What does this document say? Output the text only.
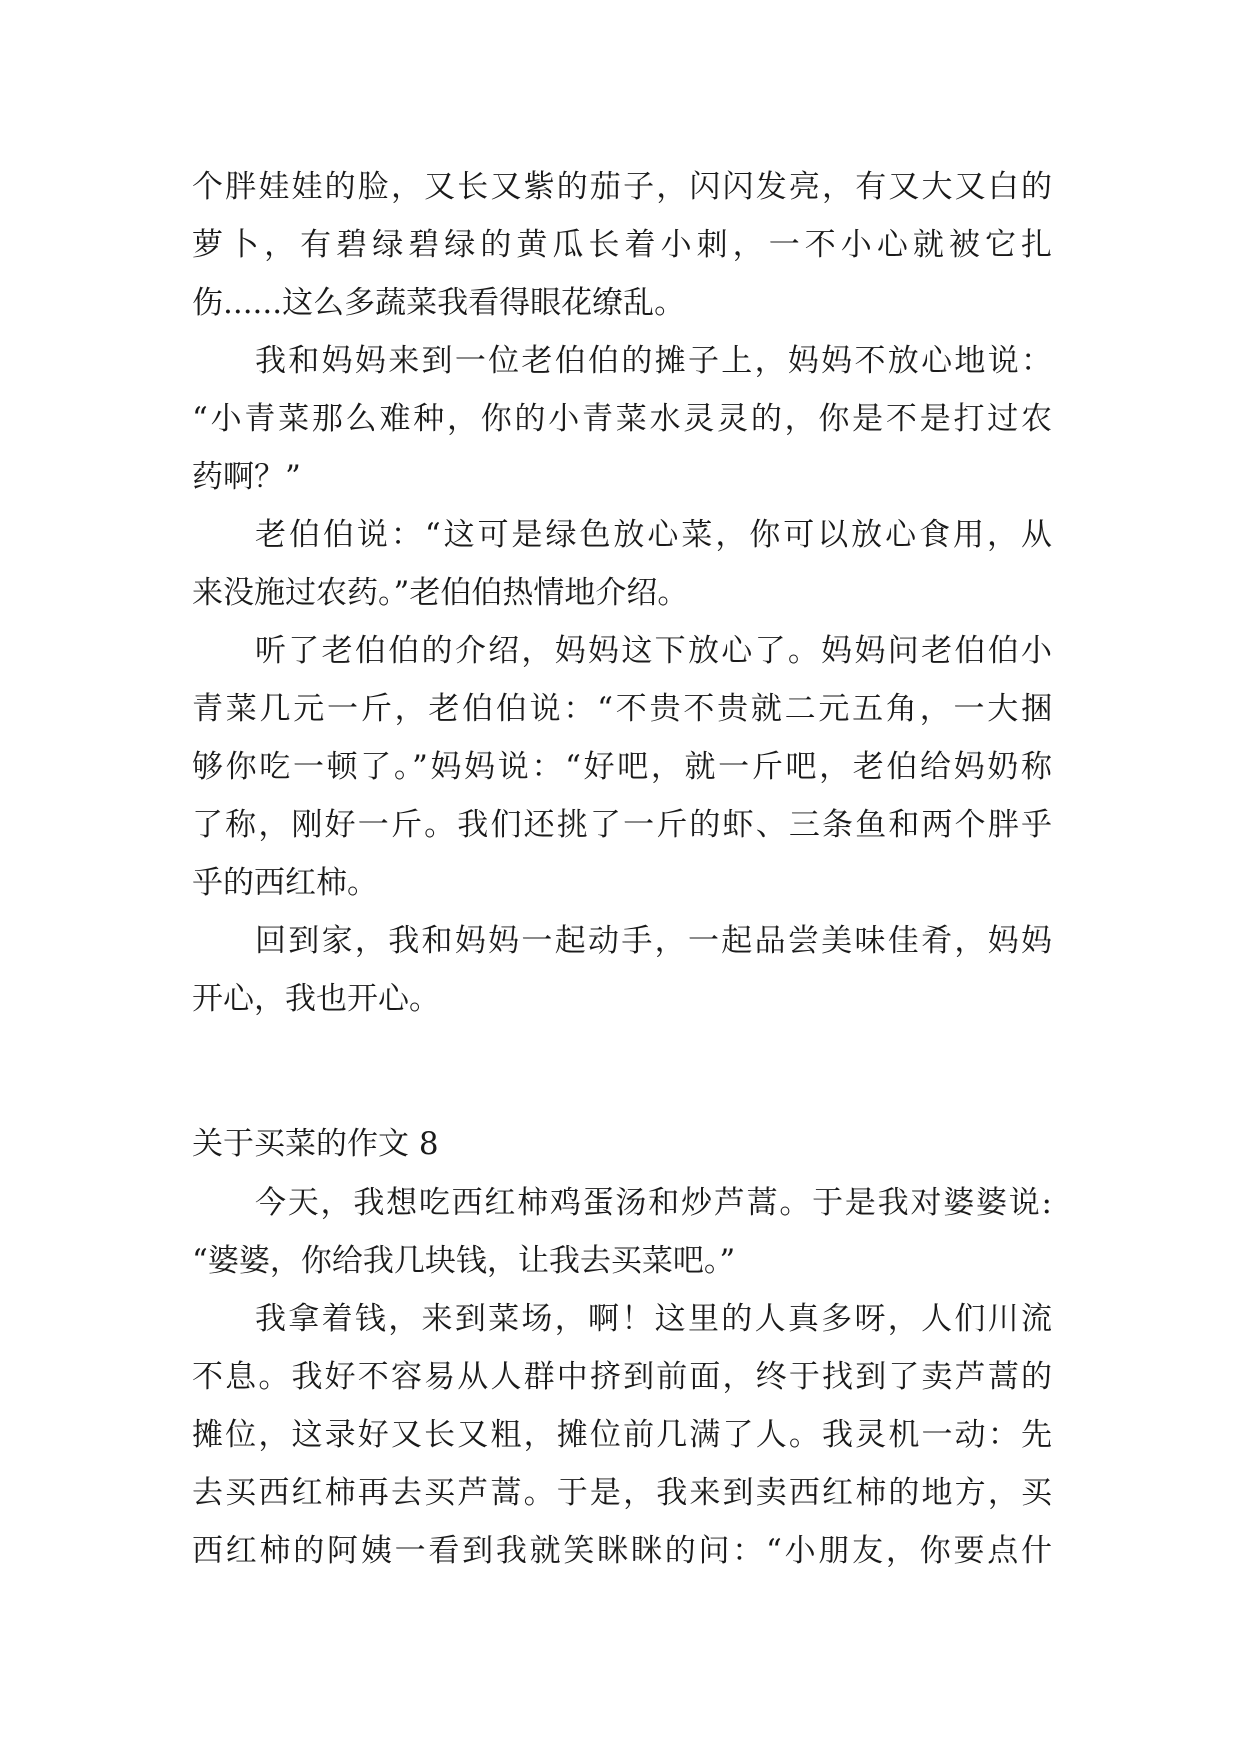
个胖娃娃的脸，又长又紫的茄子，闪闪发亮，有又大又白的
萝卜，有碧绿碧绿的黄瓜长着小刺，一不小心就被它扎
伤......这么多蔬菜我看得眼花缭乱。
我和妈妈来到一位老伯伯的摊子上，妈妈不放心地说：
“小青菜那么难种，你的小青菜水灵灵的，你是不是打过农
药啊？”
老伯伯说：“这可是绿色放心菜，你可以放心食用，从
来没施过农药。”老伯伯热情地介绍。
听了老伯伯的介绍，妈妈这下放心了。妈妈问老伯伯小
青菜几元一斤，老伯伯说：“不贵不贵就二元五角，一大捆
够你吃一顿了。”妈妈说：“好吧，就一斤吧，老伯给妈奶称
了称，刚好一斤。我们还挑了一斤的虾、三条鱼和两个胖乎
乎的西红柿。
回到家，我和妈妈一起动手，一起品尝美味佳肴，妈妈
开心，我也开心。
关于买菜的作文 8
今天，我想吃西红柿鸡蛋汤和炒芦蒿。于是我对婆婆说:
“婆婆，你给我几块钱，让我去买菜吧。”
我拿着钱，来到菜场，啊！这里的人真多呀，人们川流
不息。我好不容易从人群中挤到前面，终于找到了卖芦蒿的
摊位，这录好又长又粗，摊位前几满了人。我灵机一动：先
去买西红柿再去买芦蒿。于是，我来到卖西红柿的地方，买
西红柿的阿姨一看到我就笑眯眯的问：“小朋友，你要点什
